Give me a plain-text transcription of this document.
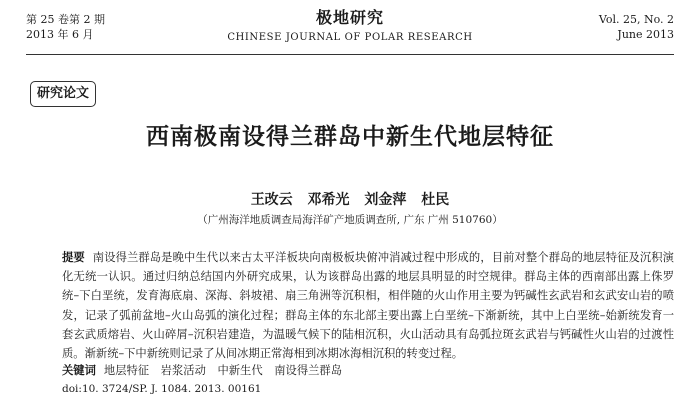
第 25 卷第 2 期
2013 年 6 月
极地研究
CHINESE JOURNAL OF POLAR RESEARCH
Vol. 25, No. 2
June 2013
研究论文
西南极南设得兰群岛中新生代地层特征
王改云 邓希光 刘金萍 杜民
（广州海洋地质调查局海洋矿产地质调查所, 广东 广州 510760）

提要 南设得兰群岛是晚中生代以来古太平洋板块向南极板块俯冲消减过程中形成的，目前对整个群岛的地层特征及沉积演化无统一认识。通过归纳总结国内外研究成果，认为该群岛出露的地层具明显的时空规律。群岛主体的西南部出露上侏罗统–下白垩统，发育海底扇、深海、斜坡裙、扇三角洲等沉积相，相伴随的火山作用主要为钙碱性玄武岩和玄武安山岩的喷发，记录了弧前盆地–火山岛弧的演化过程；群岛主体的东北部主要出露上白垩统–下渐新统，其中上白垩统–始新统发育一套玄武质熔岩、火山碎屑–沉积岩建造，为温暖气候下的陆相沉积，火山活动具有岛弧拉斑玄武岩与钙碱性火山岩的过渡性质。渐新统–下中新统则记录了从间冰期正常海相到冰期冰海相沉积的转变过程。

关键词 地层特征 岩浆活动 中新生代 南设得兰群岛
doi:10. 3724/SP. J. 1084. 2013. 00161
